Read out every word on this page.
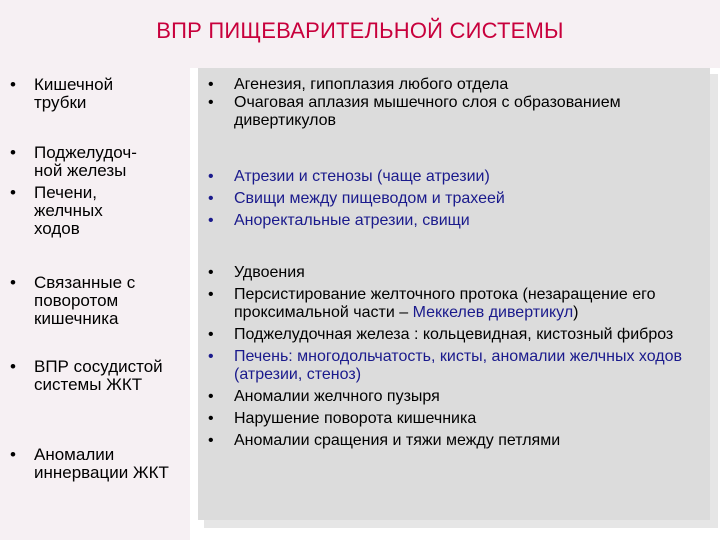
ВПР ПИЩЕВАРИТЕЛЬНОЙ СИСТЕМЫ
• Кишечной трубки
• Поджелудоч-ной железы
• Печени, желчных ходов
• Связанные с поворотом кишечника
• ВПР сосудистой системы ЖКТ
• Аномалии иннервации ЖКТ
• Агенезия, гипоплазия любого отдела
• Очаговая аплазия мышечного слоя с образованием дивертикулов
• Атрезии и стенозы (чаще атрезии)
• Свищи между пищеводом и трахеей
• Аноректальные атрезии, свищи
• Удвоения
• Персистирование желточного протока (незаращение его проксимальной части – Меккелев дивертикул)
• Поджелудочная железа : кольцевидная, кистозный фиброз
• Печень: многодольчатость, кисты, аномалии желчных ходов (атрезии, стеноз)
• Аномалии желчного пузыря
• Нарушение поворота кишечника
• Аномалии сращения и тяжи между петлями
